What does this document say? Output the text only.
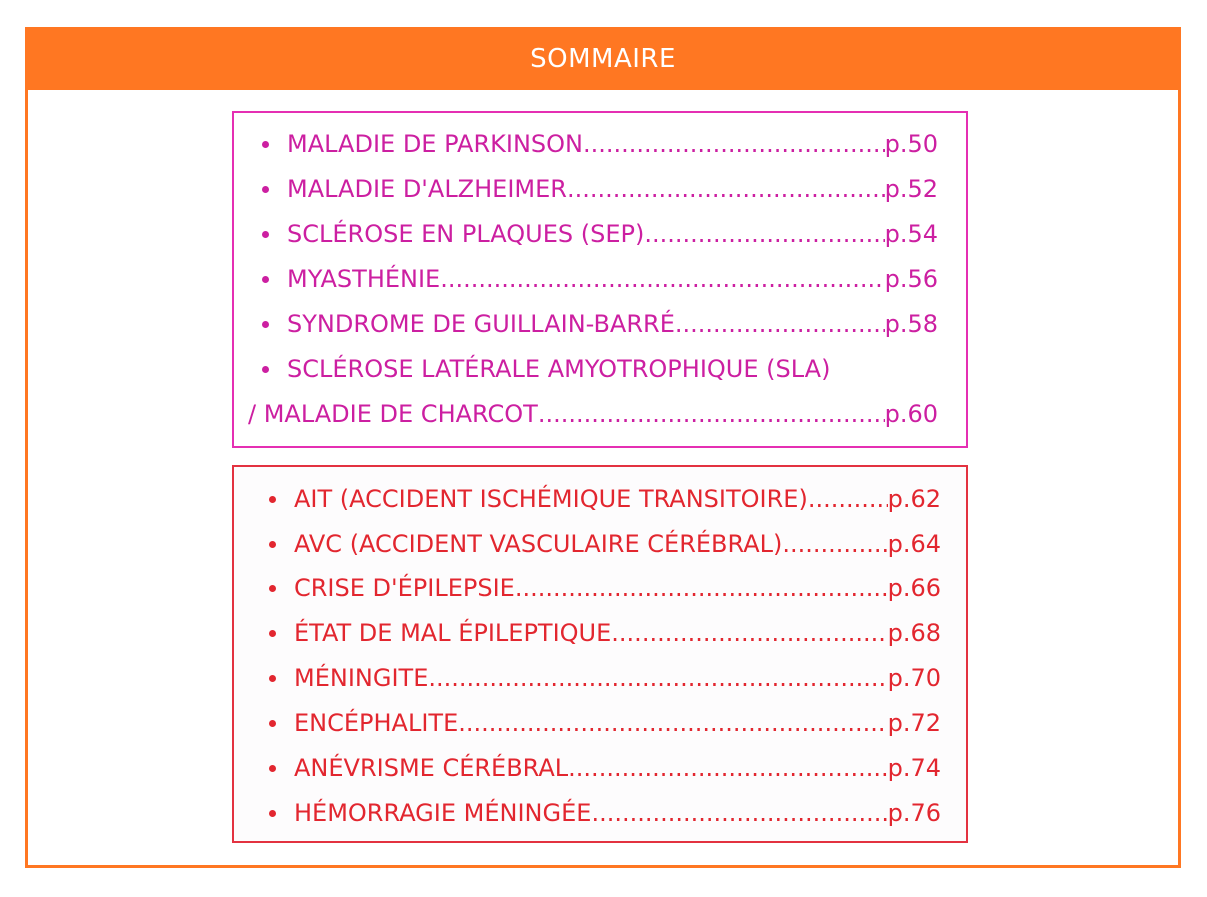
SOMMAIRE
MALADIE DE PARKINSON .....	p.50
MALADIE D'ALZHEIMER .....	p.52
SCLÉROSE EN PLAQUES (SEP) .....	p.54
MYASTHÉNIE .....	p.56
SYNDROME DE GUILLAIN-BARRÉ .....	p.58
SCLÉROSE LATÉRALE AMYOTROPHIQUE (SLA)
/ MALADIE DE CHARCOT .....	p.60
AIT (ACCIDENT ISCHÉMIQUE TRANSITOIRE) .....	p.62
AVC (ACCIDENT VASCULAIRE CÉRÉBRAL) .....	p.64
CRISE D'ÉPILEPSIE .....	p.66
ÉTAT DE MAL ÉPILEPTIQUE .....	p.68
MÉNINGITE .....	p.70
ENCÉPHALITE .....	p.72
ANÉVRISME CÉRÉBRAL .....	p.74
HÉMORRAGIE MÉNINGÉE .....	p.76
